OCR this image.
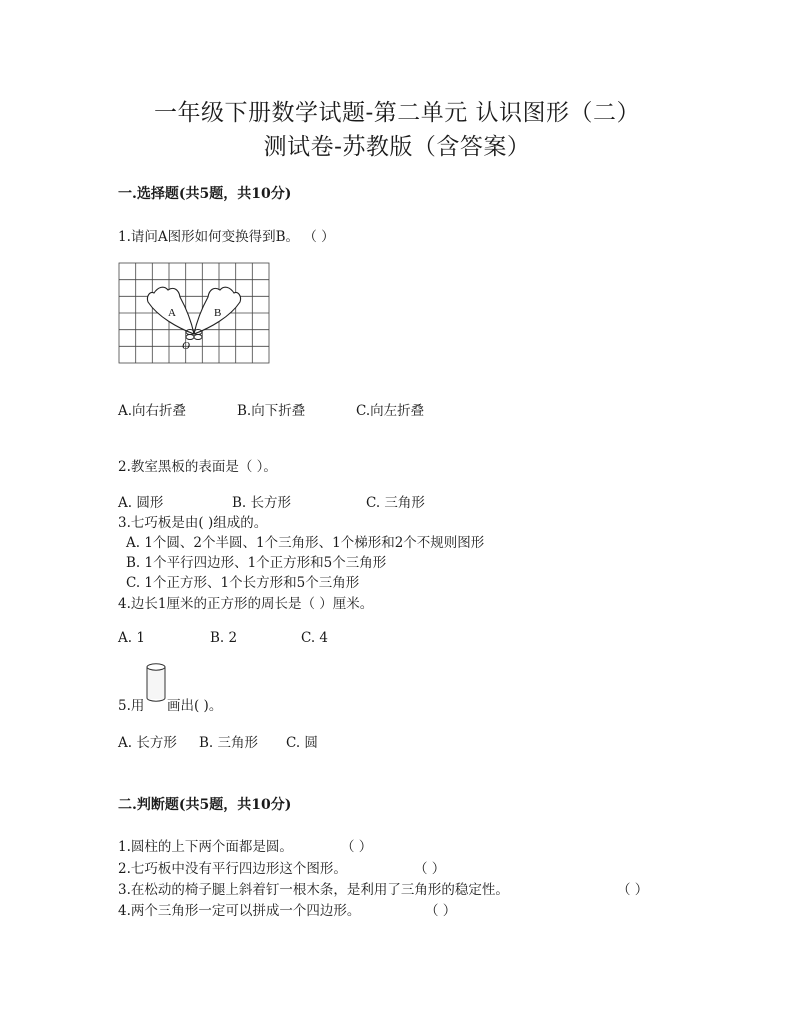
一年级下册数学试题-第二单元 认识图形（二）
测试卷-苏教版（含答案）
一.选择题(共5题，共10分)
1.请问A图形如何变换得到B。 （ ）
A	B
O
A.向右折叠	B.向下折叠	C.向左折叠
2.教室黑板的表面是（ ）。
A. 圆形	B. 长方形	C. 三角形
3.七巧板是由( )组成的。
A. 1个圆、2个半圆、1个三角形、1个梯形和2个不规则图形
B. 1个平行四边形、1个正方形和5个三角形
C. 1个正方形、1个长方形和5个三角形
4.边长1厘米的正方形的周长是（ ）厘米。
A. 1	B. 2	C. 4
5.用 画出( )。
A. 长方形 B. 三角形 C. 圆
二.判断题(共5题，共10分)
1.圆柱的上下两个面都是圆。	（ ）
2.七巧板中没有平行四边形这个图形。	（ ）
3.在松动的椅子腿上斜着钉一根木条，是利用了三角形的稳定性。	（ ）
4.两个三角形一定可以拼成一个四边形。	（ ）
